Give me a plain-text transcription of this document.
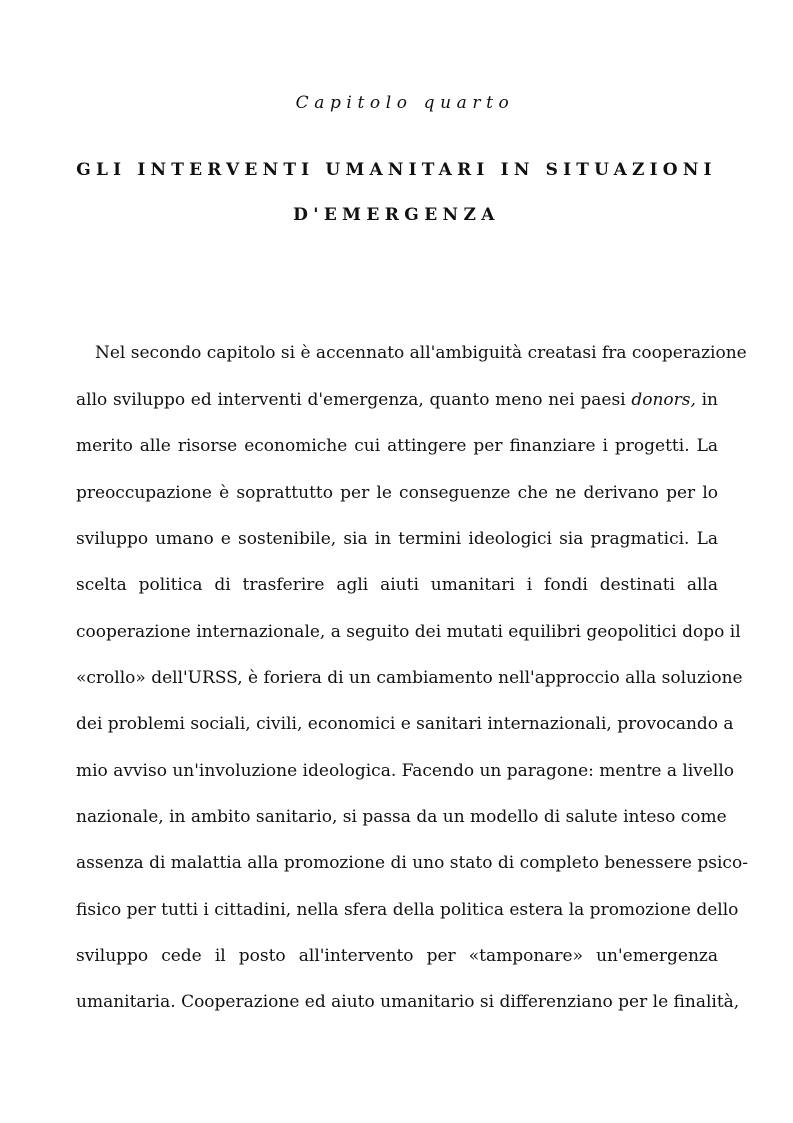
Capitolo quarto
GLI INTERVENTI UMANITARI IN SITUAZIONI
D'EMERGENZA
Nel secondo capitolo si è accennato all'ambiguità creatasi fra cooperazione
allo sviluppo ed interventi d'emergenza, quanto meno nei paesi donors, in
merito alle risorse economiche cui attingere per finanziare i progetti. La
preoccupazione è soprattutto per le conseguenze che ne derivano per lo
sviluppo umano e sostenibile, sia in termini ideologici sia pragmatici. La
scelta politica di trasferire agli aiuti umanitari i fondi destinati alla
cooperazione internazionale, a seguito dei mutati equilibri geopolitici dopo il
«crollo» dell'URSS, è foriera di un cambiamento nell'approccio alla soluzione
dei problemi sociali, civili, economici e sanitari internazionali, provocando a
mio avviso un'involuzione ideologica. Facendo un paragone: mentre a livello
nazionale, in ambito sanitario, si passa da un modello di salute inteso come
assenza di malattia alla promozione di uno stato di completo benessere psico-
fisico per tutti i cittadini, nella sfera della politica estera la promozione dello
sviluppo cede il posto all'intervento per «tamponare» un'emergenza
umanitaria. Cooperazione ed aiuto umanitario si differenziano per le finalità,
